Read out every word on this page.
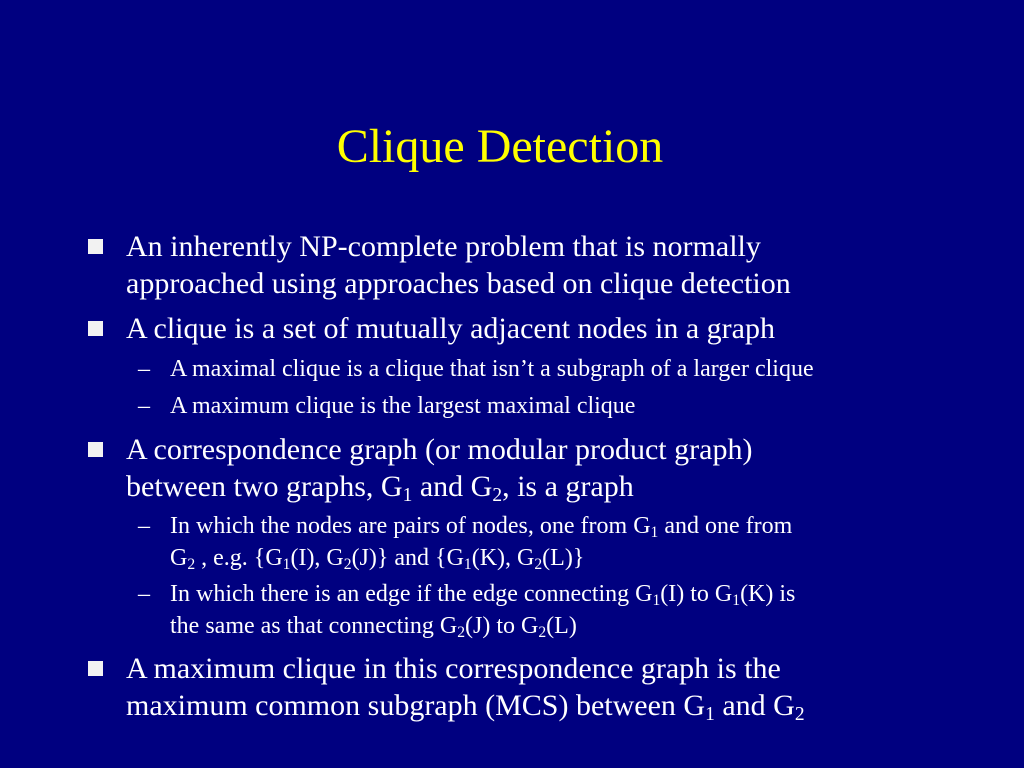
Clique Detection
An inherently NP-complete problem that is normally
approached using approaches based on clique detection
A clique is a set of mutually adjacent nodes in a graph
– A maximal clique is a clique that isn’t a subgraph of a larger clique
– A maximum clique is the largest maximal clique
A correspondence graph (or modular product graph)
between two graphs, $G_1$ and $G_2$, is a graph
– In which the nodes are pairs of nodes, one from $G_1$ and one from
$G_2$ , e.g. {$G_1(I)$, $G_2(J)$} and {$G_1(K)$, $G_2(L)$}
– In which there is an edge if the edge connecting $G_1(I)$ to $G_1(K)$ is
the same as that connecting $G_2(J)$ to $G_2(L)$
A maximum clique in this correspondence graph is the
maximum common subgraph (MCS) between $G_1$ and $G_2$
